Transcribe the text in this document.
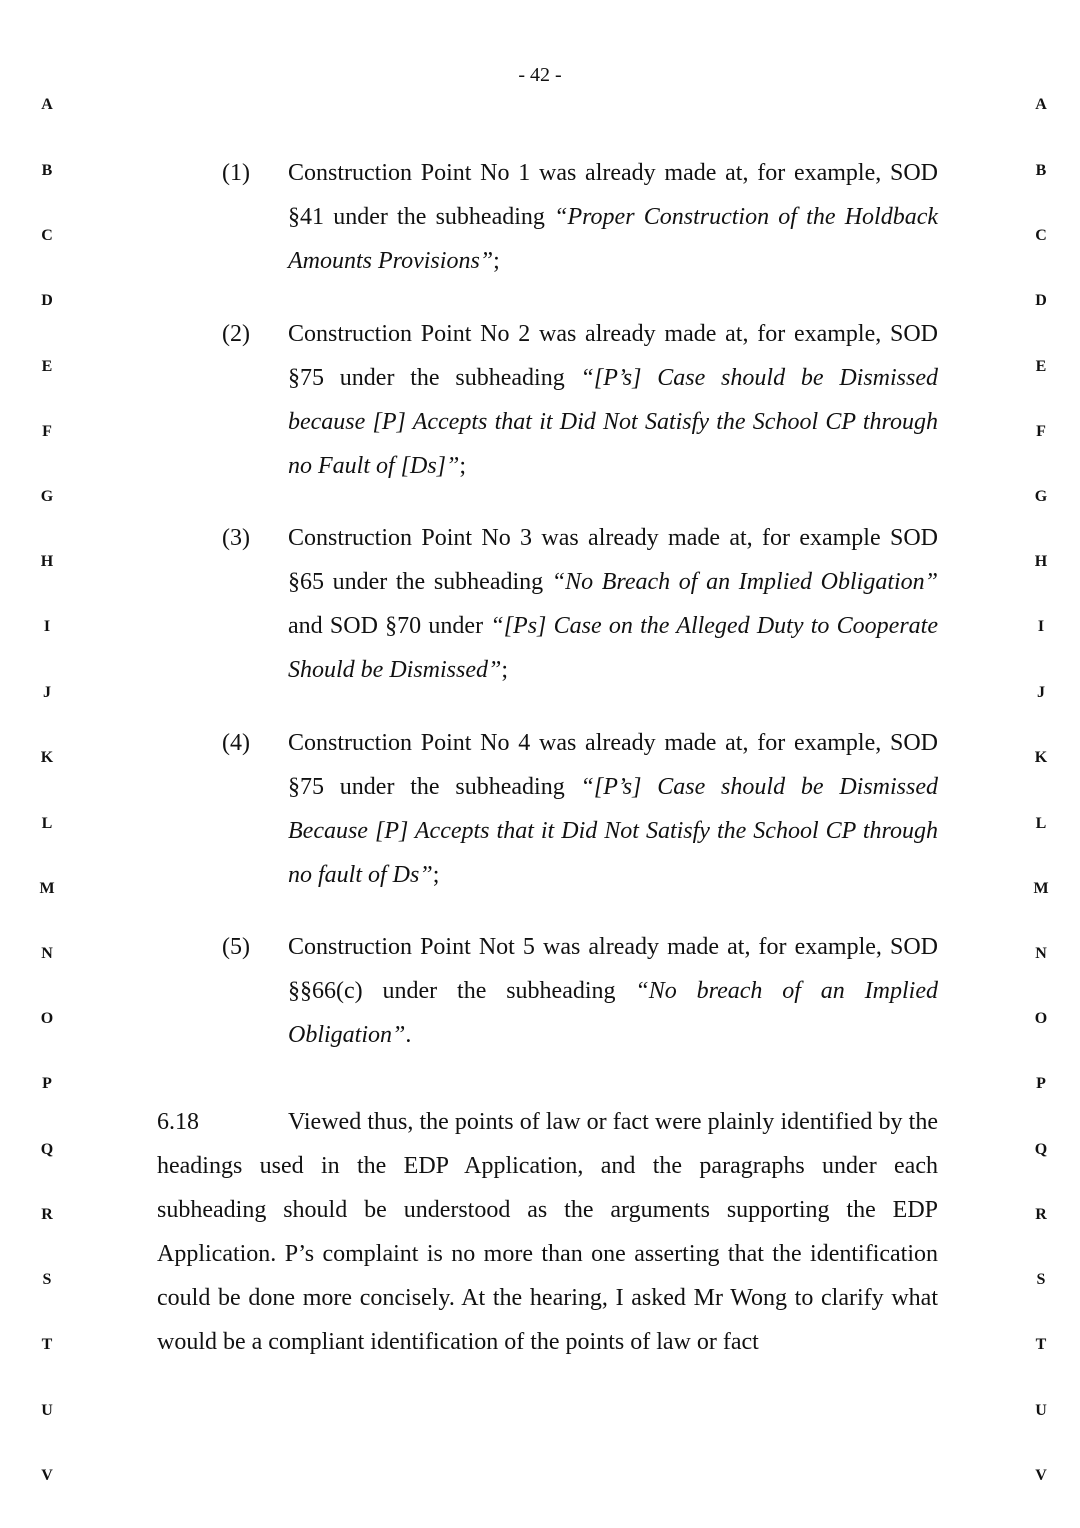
- 42 -
A
B
C
D
E
F
G
H
I
J
K
L
M
N
O
P
Q
R
S
T
U
V
A
B
C
D
E
F
G
H
I
J
K
L
M
N
O
P
Q
R
S
T
U
V
(1) Construction Point No 1 was already made at, for example, SOD §41 under the subheading “Proper Construction of the Holdback Amounts Provisions”;
(2) Construction Point No 2 was already made at, for example, SOD §75 under the subheading “[P’s] Case should be Dismissed because [P] Accepts that it Did Not Satisfy the School CP through no Fault of [Ds]”;
(3) Construction Point No 3 was already made at, for example SOD §65 under the subheading “No Breach of an Implied Obligation” and SOD §70 under “[Ps] Case on the Alleged Duty to Cooperate Should be Dismissed”;
(4) Construction Point No 4 was already made at, for example, SOD §75 under the subheading “[P’s] Case should be Dismissed Because [P] Accepts that it Did Not Satisfy the School CP through no fault of Ds”;
(5) Construction Point Not 5 was already made at, for example, SOD §§66(c) under the subheading “No breach of an Implied Obligation”.
6.18	Viewed thus, the points of law or fact were plainly identified by the headings used in the EDP Application, and the paragraphs under each subheading should be understood as the arguments supporting the EDP Application. P’s complaint is no more than one asserting that the identification could be done more concisely. At the hearing, I asked Mr Wong to clarify what would be a compliant identification of the points of law or fact
